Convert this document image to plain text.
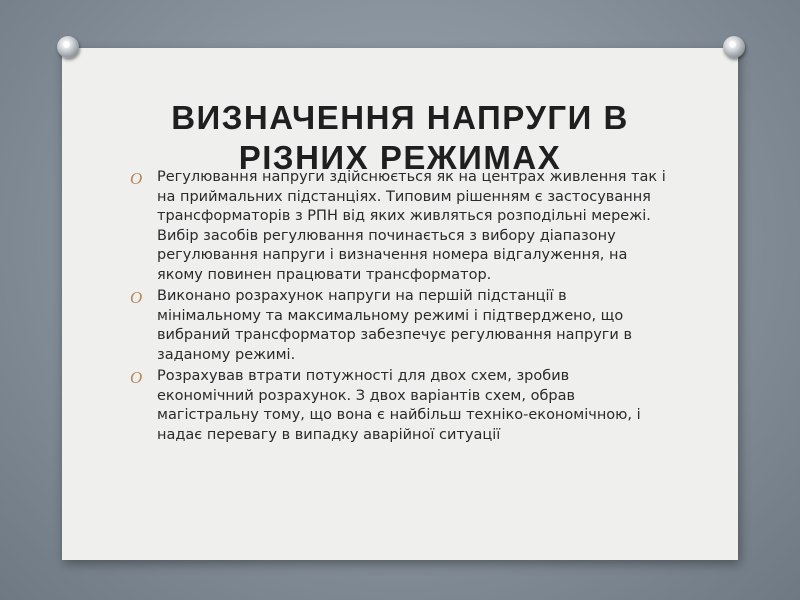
ВИЗНАЧЕННЯ НАПРУГИ В
РІЗНИХ РЕЖИМАХ
O Регулювання напруги здійснюється як на центрах живлення так і на приймальних підстанціях. Типовим рішенням є застосування трансформаторів з РПН від яких живляться розподільні мережі. Вибір засобів регулювання починається з вибору діапазону регулювання напруги і визначення номера відгалуження, на якому повинен працювати трансформатор.
O Виконано розрахунок напруги на першій підстанції в мінімальному та максимальному режимі і підтверджено, що вибраний трансформатор забезпечує регулювання напруги в заданому режимі.
O Розрахував втрати потужності для двох схем, зробив економічний розрахунок. З двох варіантів схем, обрав магістральну тому, що вона є найбільш техніко-економічною, і надає перевагу в випадку аварійної ситуації
